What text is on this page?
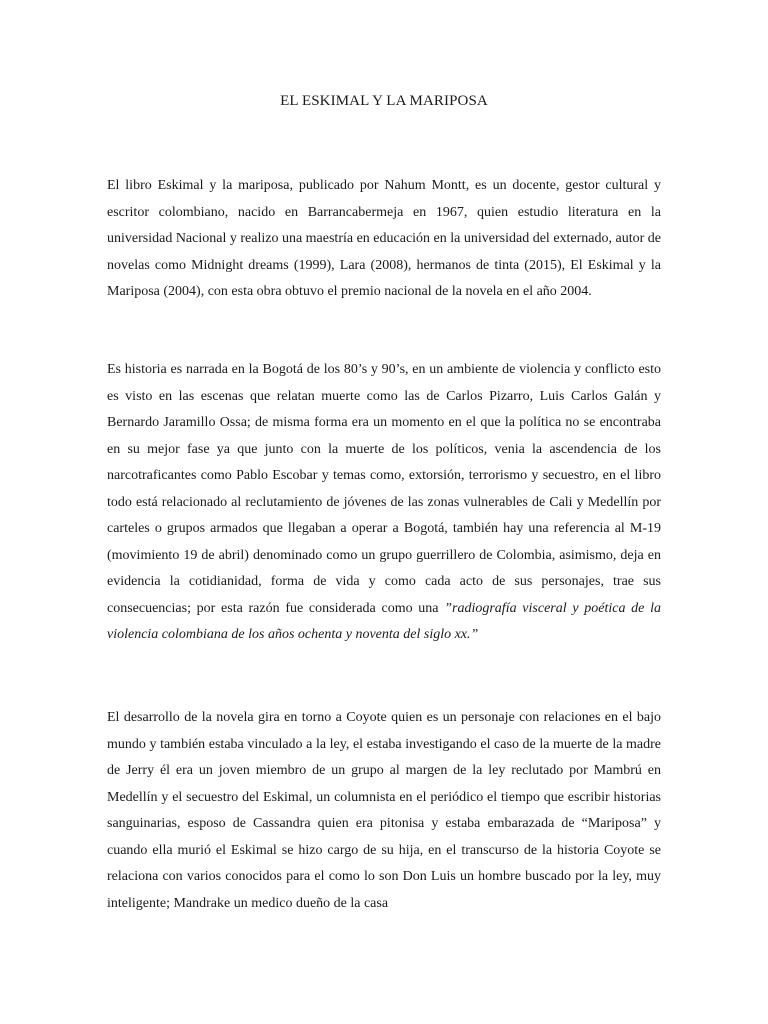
EL ESKIMAL Y LA MARIPOSA

El libro Eskimal y la mariposa, publicado por Nahum Montt, es un docente, gestor cultural y escritor colombiano, nacido en Barrancabermeja en 1967, quien estudio literatura en la universidad Nacional y realizo una maestría en educación en la universidad del externado, autor de novelas como Midnight dreams (1999), Lara (2008), hermanos de tinta (2015), El Eskimal y la Mariposa (2004), con esta obra obtuvo el premio nacional de la novela en el año 2004.

Es historia es narrada en la Bogotá de los 80’s y 90’s, en un ambiente de violencia y conflicto esto es visto en las escenas que relatan muerte como las de Carlos Pizarro, Luis Carlos Galán y Bernardo Jaramillo Ossa; de misma forma era un momento en el que la política no se encontraba en su mejor fase ya que junto con la muerte de los políticos, venia la ascendencia de los narcotraficantes como Pablo Escobar y temas como, extorsión, terrorismo y secuestro, en el libro todo está relacionado al reclutamiento de jóvenes de las zonas vulnerables de Cali y Medellín por carteles o grupos armados que llegaban a operar a Bogotá, también hay una referencia al M-19 (movimiento 19 de abril) denominado como un grupo guerrillero de Colombia, asimismo, deja en evidencia la cotidianidad, forma de vida y como cada acto de sus personajes, trae sus consecuencias; por esta razón fue considerada como una ”radiografía visceral y poética de la violencia colombiana de los años ochenta y noventa del siglo xx.”

El desarrollo de la novela gira en torno a Coyote quien es un personaje con relaciones en el bajo mundo y también estaba vinculado a la ley, el estaba investigando el caso de la muerte de la madre de Jerry él era un joven miembro de un grupo al margen de la ley reclutado por Mambrú en Medellín y el secuestro del Eskimal, un columnista en el periódico el tiempo que escribir historias sanguinarias, esposo de Cassandra quien era pitonisa y estaba embarazada de “Mariposa” y cuando ella murió el Eskimal se hizo cargo de su hija, en el transcurso de la historia Coyote se relaciona con varios conocidos para el como lo son Don Luis un hombre buscado por la ley, muy inteligente; Mandrake un medico dueño de la casa
